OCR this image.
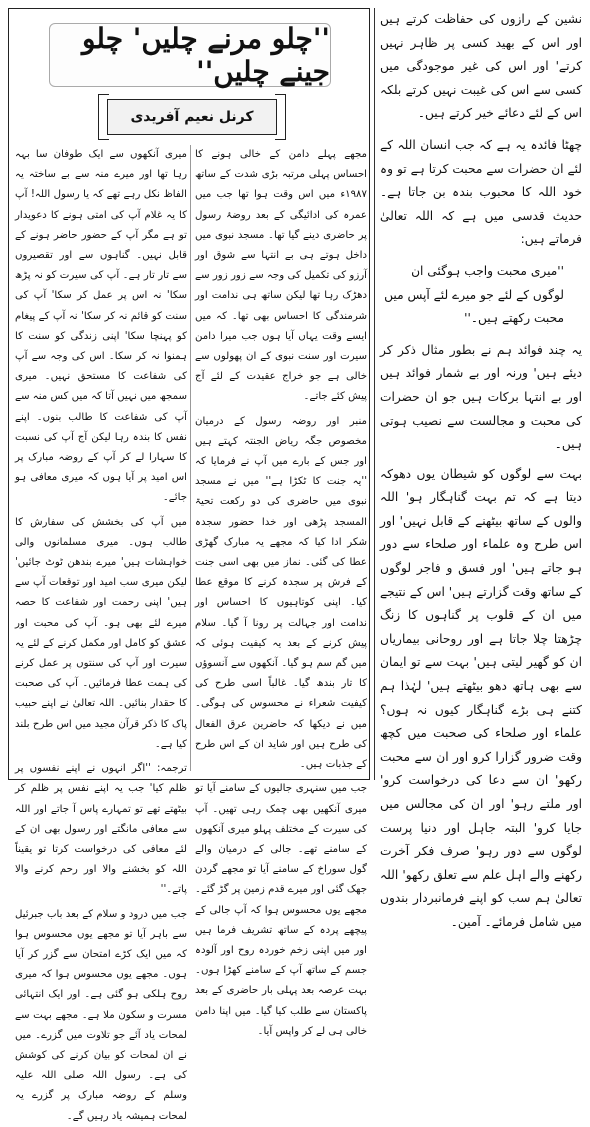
نشین کے رازوں کی حفاظت کرتے ہیں اور اس کے بھید کسی پر ظاہر نہیں کرتے' اور اس کی غیر موجودگی میں کسی سے اس کی غیبت نہیں کرتے بلکہ اس کے لئے دعائے خیر کرتے ہیں۔

چھٹا فائدہ یہ ہے کہ جب انسان اللہ کے لئے ان حضرات سے محبت کرتا ہے تو وہ خود اللہ کا محبوب بندہ بن جاتا ہے۔ حدیث قدسی میں ہے کہ اللہ تعالیٰ فرماتے ہیں:

''میری محبت واجب ہوگئی ان لوگوں کے لئے جو میرے لئے آپس میں محبت رکھتے ہیں۔''

یہ چند فوائد ہم نے بطور مثال ذکر کر دیئے ہیں' ورنہ اور بے شمار فوائد ہیں اور بے انتہا برکات ہیں جو ان حضرات کی محبت و مجالست سے نصیب ہوتی ہیں۔

بہت سے لوگوں کو شیطان یوں دھوکہ دیتا ہے کہ تم بہت گناہگار ہو' اللہ والوں کے ساتھ بیٹھنے کے قابل نہیں' اور اس طرح وہ علماء اور صلحاء سے دور ہو جاتے ہیں' اور فسق و فاجر لوگوں کے ساتھ وقت گزارتے ہیں' اس کے نتیجے میں ان کے قلوب پر گناہوں کا زنگ چڑھتا چلا جاتا ہے اور روحانی بیماریاں ان کو گھیر لیتی ہیں' بہت سے تو ایمان سے بھی ہاتھ دھو بیٹھتے ہیں' لہٰذا ہم کتنے ہی بڑے گناہگار کیوں نہ ہوں؟ علماء اور صلحاء کی صحبت میں کچھ وقت ضرور گزارا کرو اور ان سے محبت رکھو' ان سے دعا کی درخواست کرو' اور ملتے رہو' اور ان کی مجالس میں جایا کرو' البتہ جاہل اور دنیا پرست لوگوں سے دور رہو' صرف فکر آخرت رکھنے والے اہل علم سے تعلق رکھو' اللہ تعالیٰ ہم سب کو اپنے فرمانبردار بندوں میں شامل فرمائے۔ آمین۔

''چلو مرنے چلیں' چلو جینے چلیں''
کرنل نعیم آفریدی

مجھے پہلے دامن کے خالی ہونے کا احساس پہلی مرتبہ بڑی شدت کے ساتھ ۱۹۸۷ء میں اس وقت ہوا تھا جب میں عمرہ کی ادائیگی کے بعد روضۂ رسول پر حاضری دینے گیا تھا۔ مسجد نبوی میں داخل ہوتے ہی بے انتہا سے شوق اور آرزو کی تکمیل کی وجہ سے زور زور سے دھڑک رہا تھا لیکن ساتھ ہی ندامت اور شرمندگی کا احساس بھی تھا۔ کہ میں ایسے وقت یہاں آیا ہوں جب میرا دامن سیرت اور سنت نبوی کے ان پھولوں سے خالی ہے جو خراج عقیدت کے لئے آج پیش کئے جاتے۔

منبر اور روضہ رسول کے درمیان مخصوص جگہ ریاض الجنتہ کہتے ہیں اور جس کے بارے میں آپ نے فرمایا کہ ''یہ جنت کا ٹکڑا ہے'' میں نے مسجد نبوی میں حاضری کی دو رکعت تحیۃ المسجد پڑھی اور خدا حضور سجدہ شکر ادا کیا کہ مجھے یہ مبارک گھڑی عطا کی گئی۔ نماز میں بھی اسی جنت کے فرش پر سجدہ کرنے کا موقع عطا کیا۔ اپنی کوتاہیوں کا احساس اور ندامت اور جہالت پر رونا آ گیا۔ سلام پیش کرنے کے بعد یہ کیفیت ہوئی کہ میں گم سم ہو گیا۔ آنکھوں سے آنسوؤں کا تار بندھ گیا۔ غالباً اسی طرح کی کیفیت شعراء نے محسوس کی ہوگی۔ میں نے دیکھا کہ حاضرین عرق الفعال کی طرح ہیں اور شاید ان کے اس طرح کے جذبات ہیں۔

جب میں سنہری جالیوں کے سامنے آیا تو میری آنکھیں بھی چمک رہی تھیں۔ آپ کی سیرت کے مختلف پہلو میری آنکھوں کے سامنے تھے۔ جالی کے درمیان والے گول سوراخ کے سامنے آیا تو مجھے گردن جھک گئی اور میرے قدم زمین پر گڑ گئے۔ مجھے یوں محسوس ہوا کہ آپ جالی کے پیچھے پردہ کے ساتھ تشریف فرما ہیں اور میں اپنی زخم خوردہ روح اور آلودہ جسم کے ساتھ آپ کے سامنے کھڑا ہوں۔ بہت عرصہ بعد پہلی بار حاضری کے بعد پاکستان سے طلب کیا گیا۔ میں اپنا دامن خالی ہی لے کر واپس آیا۔

میری آنکھوں سے ایک طوفان سا بہہ رہا تھا اور میرے منہ سے بے ساختہ یہ الفاظ نکل رہے تھے کہ یا رسول اللہ! آپ کا یہ غلام آپ کی امتی ہونے کا دعویدار تو ہے مگر آپ کے حضور حاضر ہونے کے قابل نہیں۔ گناہوں سے اور تقصیروں سے تار تار ہے۔ آپ کی سیرت کو نہ پڑھ سکا' نہ اس پر عمل کر سکا' آپ کی سنت کو قائم نہ کر سکا' نہ آپ کے پیغام کو پہنچا سکا' اپنی زندگی کو سنت کا ہمنوا نہ کر سکا۔ اس کی وجہ سے آپ کی شفاعت کا مستحق نہیں۔ میری سمجھ میں نہیں آتا کہ میں کس منہ سے آپ کی شفاعت کا طالب بنوں۔ اپنے نفس کا بندہ رہا لیکن آج آپ کی نسبت کا سہارا لے کر آپ کے روضہ مبارک پر اس امید پر آیا ہوں کہ میری معافی ہو جائے۔

میں آپ کی بخشش کی سفارش کا طالب ہوں۔ میری مسلمانوں والی خواہشات ہیں' میرے بندھن ٹوٹ جائیں' لیکن میری سب امید اور توقعات آپ سے ہیں' اپنی رحمت اور شفاعت کا حصہ میرے لئے بھی ہو۔ آپ کی محبت اور عشق کو کامل اور مکمل کرنے کے لئے یہ سیرت اور آپ کی سنتوں پر عمل کرنے کی ہمت عطا فرمائیں۔ آپ کی صحبت کا حقدار بنائیں۔ اللہ تعالیٰ نے اپنے حبیب پاک کا ذکر قرآن مجید میں اس طرح بلند کیا ہے۔

ترجمہ: ''اگر انہوں نے اپنے نفسوں پر ظلم کیا' جب یہ اپنے نفس پر ظلم کر بیٹھتے تھے تو تمہارے پاس آ جاتے اور اللہ سے معافی مانگتے اور رسول بھی ان کے لئے معافی کی درخواست کرتا تو یقیناً اللہ کو بخشنے والا اور رحم کرنے والا پاتے۔''

جب میں درود و سلام کے بعد باب جبرئیل سے باہر آیا تو مجھے یوں محسوس ہوا کہ میں ایک کڑے امتحان سے گزر کر آیا ہوں۔ مجھے یوں محسوس ہوا کہ میری روح ہلکی ہو گئی ہے۔ اور ایک انتہائی مسرت و سکون ملا ہے۔ مجھے بہت سے لمحات یاد آئے جو تلاوت میں گزرے۔ میں نے ان لمحات کو بیان کرنے کی کوشش کی ہے۔ رسول اللہ صلی اللہ علیہ وسلم کے روضہ مبارک پر گزرے یہ لمحات ہمیشہ یاد رہیں گے۔
